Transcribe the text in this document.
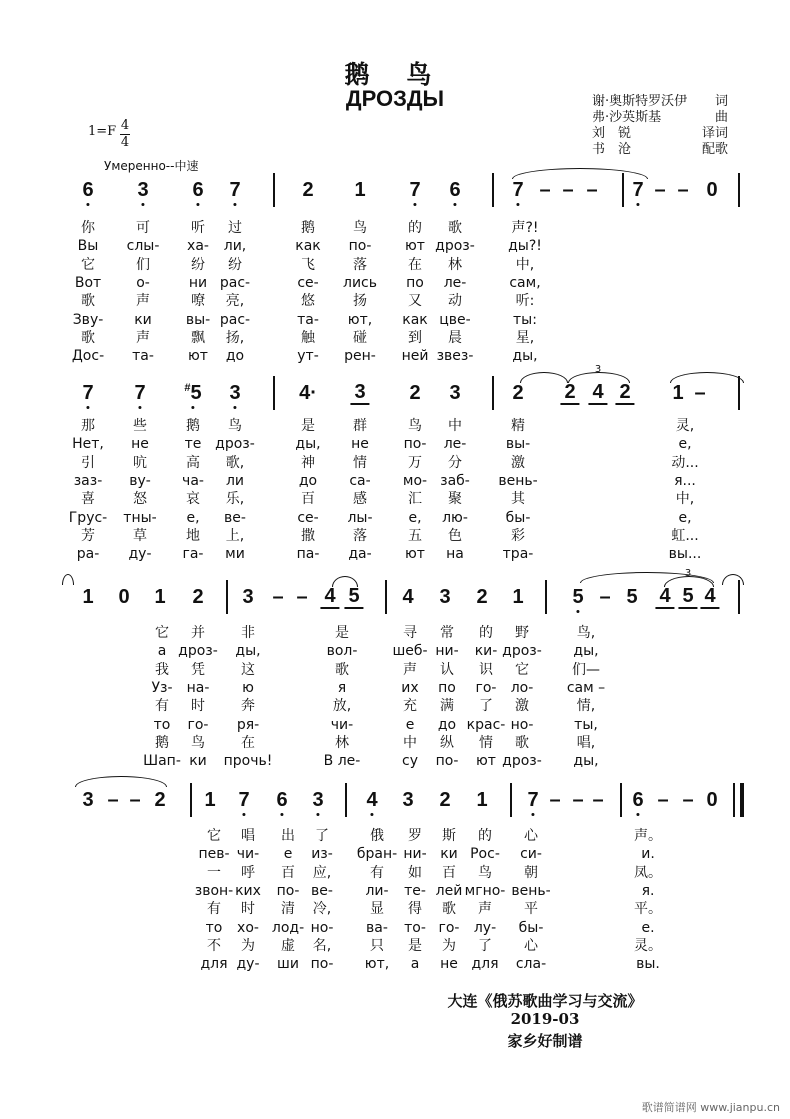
鹅 鸟
ДРОЗДЫ	谢·奥斯特罗沃伊 词
弗·沙英斯基	曲
刘　锐	译词
书　沧	配歌
1=F 4
4
Умеренно--中速
6 3 6 7	2 1 7 6	7 – – – 7 – – 0
你	可	听 过	鹅	鸟	的 歌	声?!
Вы слы- ха- ли,	как по- ют дроз- ды?!
它	们	纷 纷	飞	落	在 林	中,
Вот	о-	ни рас-	се- лись по ле-	сам,
歌	声	嘹 亮,	悠	扬	又 动	听:
Зву- ки вы- рас-	та- ют, как цве-	ты:
歌	声	飘 扬,	触	碰	到 晨	星,
Дос- та- ют до	ут- рен- ней звез-	ды,
7 7	#5 3	4· 3 2 3	2 2 4 2 1 –
3
那	些	鹅 鸟	是	群	鸟 中	精	灵,
Нет, не	те дроз-	ды, не по- ле-	вы-	е,
引	吭	高 歌,	神	情	万 分	激	动...
заз- ву- ча- ли	до са- мо- заб- вень-	я...
喜	怒	哀 乐,	百	感	汇 聚	其	中,
Грус- тны- е, ве-	се- лы-	е, лю-	бы-	е,
芳	草	地 上,	撒	落	五 色	彩	虹...
ра- ду- га- ми	па- да- ют на	тра-	вы...
1 0 1 2 3 – – 4 5 4 3 2 1 5 – 5 4 5 4
3
它 并	非	是	寻 常 的 野	鸟,
а дроз- ды,	вол-	шеб- ни- ки- дроз- ды,
我 凭	这	歌	声 认 识 它	们—
Уз- на- ю	я	их по го- ло- сам –
有 时	奔	放,	充 满 了 激	情,
то го- ря-	чи-	е до крас- но-	ты,
鹅 鸟	在	林	中 纵 情 歌	唱,
Шап- ки прочь!	В ле-	су по- ют дроз- ды,
3 – – 2 1 7 6 3 4 3 2 1 7 – – – 6 – – 0
它 唱 出 了	俄 罗 斯 的 心	声。
пев- чи- е из- бран- ни- ки Рос- си-	и.
一 呼 百 应,	有 如 百 鸟 朝	凤。
звон- ких по- ве- ли- те- лей мгно- вень-	я.
有 时 清 冷,	显 得 歌 声 平	平。
то хо- лод- но- ва- то- го- лу- бы-	е.
不 为 虚 名,	只 是 为 了 心	灵。
для ду- ши по- ют, а не для сла-	вы.
大连《俄苏歌曲学习与交流》
2019-03
家乡好制谱
歌谱简谱网 www.jianpu.cn
